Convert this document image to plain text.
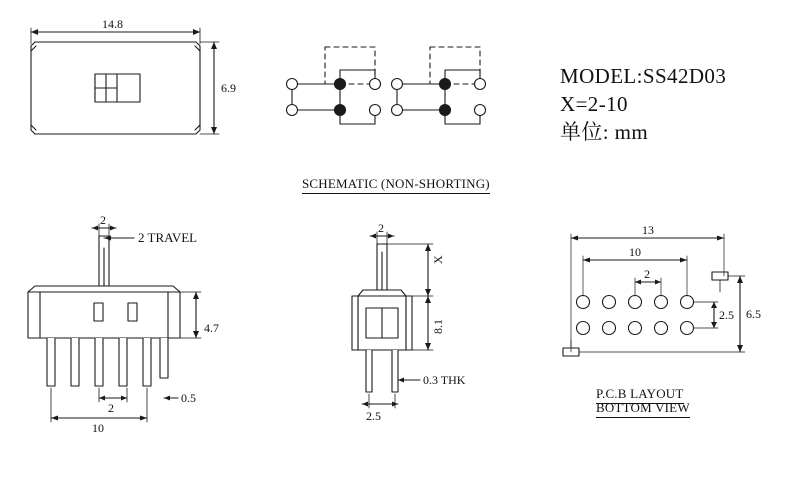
14.8
6.9
SCHEMATIC (NON-SHORTING)
MODEL:SS42D03
X=2-10
单位: mm
2
2 TRAVEL
4.7
2
0.5
10
2
X
8.1
0.3 THK
2.5
13
10
2
2.5 6.5
P.C.B LAYOUT
BOTTOM VIEW
